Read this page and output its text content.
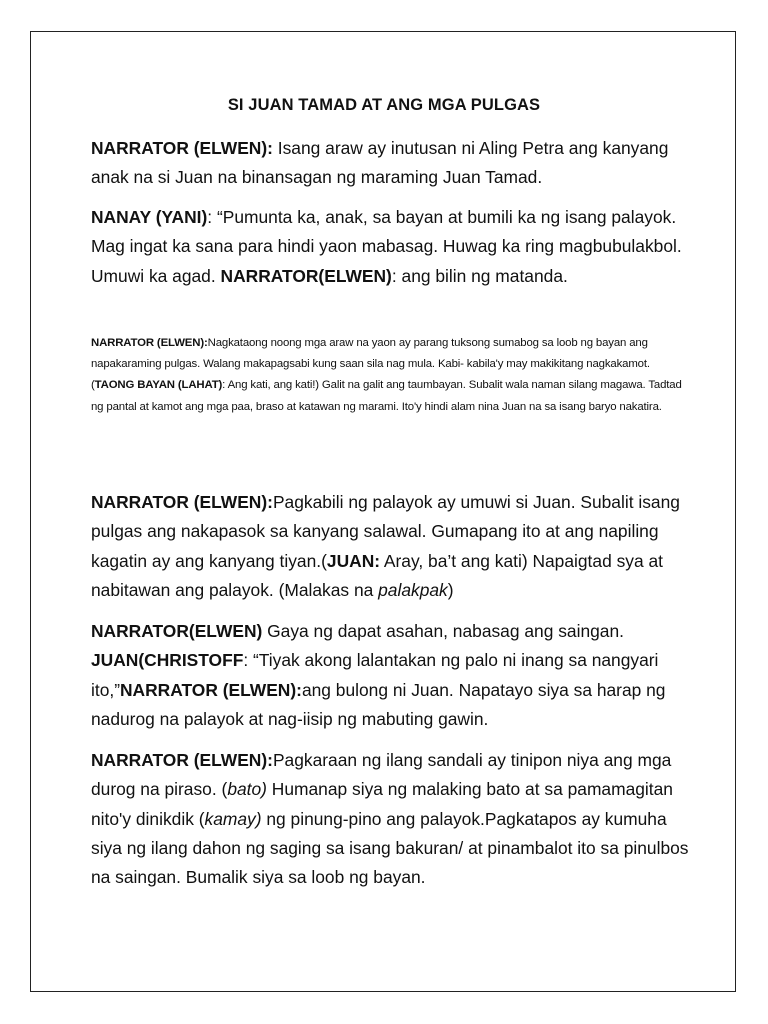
SI JUAN TAMAD AT ANG MGA PULGAS

NARRATOR (ELWEN): Isang araw ay inutusan ni Aling Petra ang kanyang anak na si Juan na binansagan ng maraming Juan Tamad.

NANAY (YANI): “Pumunta ka, anak, sa bayan at bumili ka ng isang palayok. Mag ingat ka sana para hindi yaon mabasag. Huwag ka ring magbubulakbol. Umuwi ka agad. NARRATOR(ELWEN): ang bilin ng matanda.

NARRATOR (ELWEN):Nagkataong noong mga araw na yaon ay parang tuksong sumabog sa loob ng bayan ang napakaraming pulgas. Walang makapagsabi kung saan sila nag mula. Kabi- kabila'y may makikitang nagkakamot.(TAONG BAYAN (LAHAT): Ang kati, ang kati!) Galit na galit ang taumbayan. Subalit wala naman silang magawa. Tadtad ng pantal at kamot ang mga paa, braso at katawan ng marami. Ito'y hindi alam nina Juan na sa isang baryo nakatira.

NARRATOR (ELWEN):Pagkabili ng palayok ay umuwi si Juan. Subalit isang pulgas ang nakapasok sa kanyang salawal. Gumapang ito at ang napiling kagatin ay ang kanyang tiyan.(JUAN: Aray, ba’t ang kati) Napaigtad sya at nabitawan ang palayok. (Malakas na palakpak)

NARRATOR(ELWEN) Gaya ng dapat asahan, nabasag ang saingan. JUAN(CHRISTOFF: “Tiyak akong lalantakan ng palo ni inang sa nangyari ito,”NARRATOR (ELWEN):ang bulong ni Juan. Napatayo siya sa harap ng nadurog na palayok at nag-iisip ng mabuting gawin.

NARRATOR (ELWEN):Pagkaraan ng ilang sandali ay tinipon niya ang mga durog na piraso. (bato) Humanap siya ng malaking bato at sa pamamagitan nito'y dinikdik (kamay) ng pinung-pino ang palayok.Pagkatapos ay kumuha siya ng ilang dahon ng saging sa isang bakuran/ at pinambalot ito sa pinulbos na saingan. Bumalik siya sa loob ng bayan.
